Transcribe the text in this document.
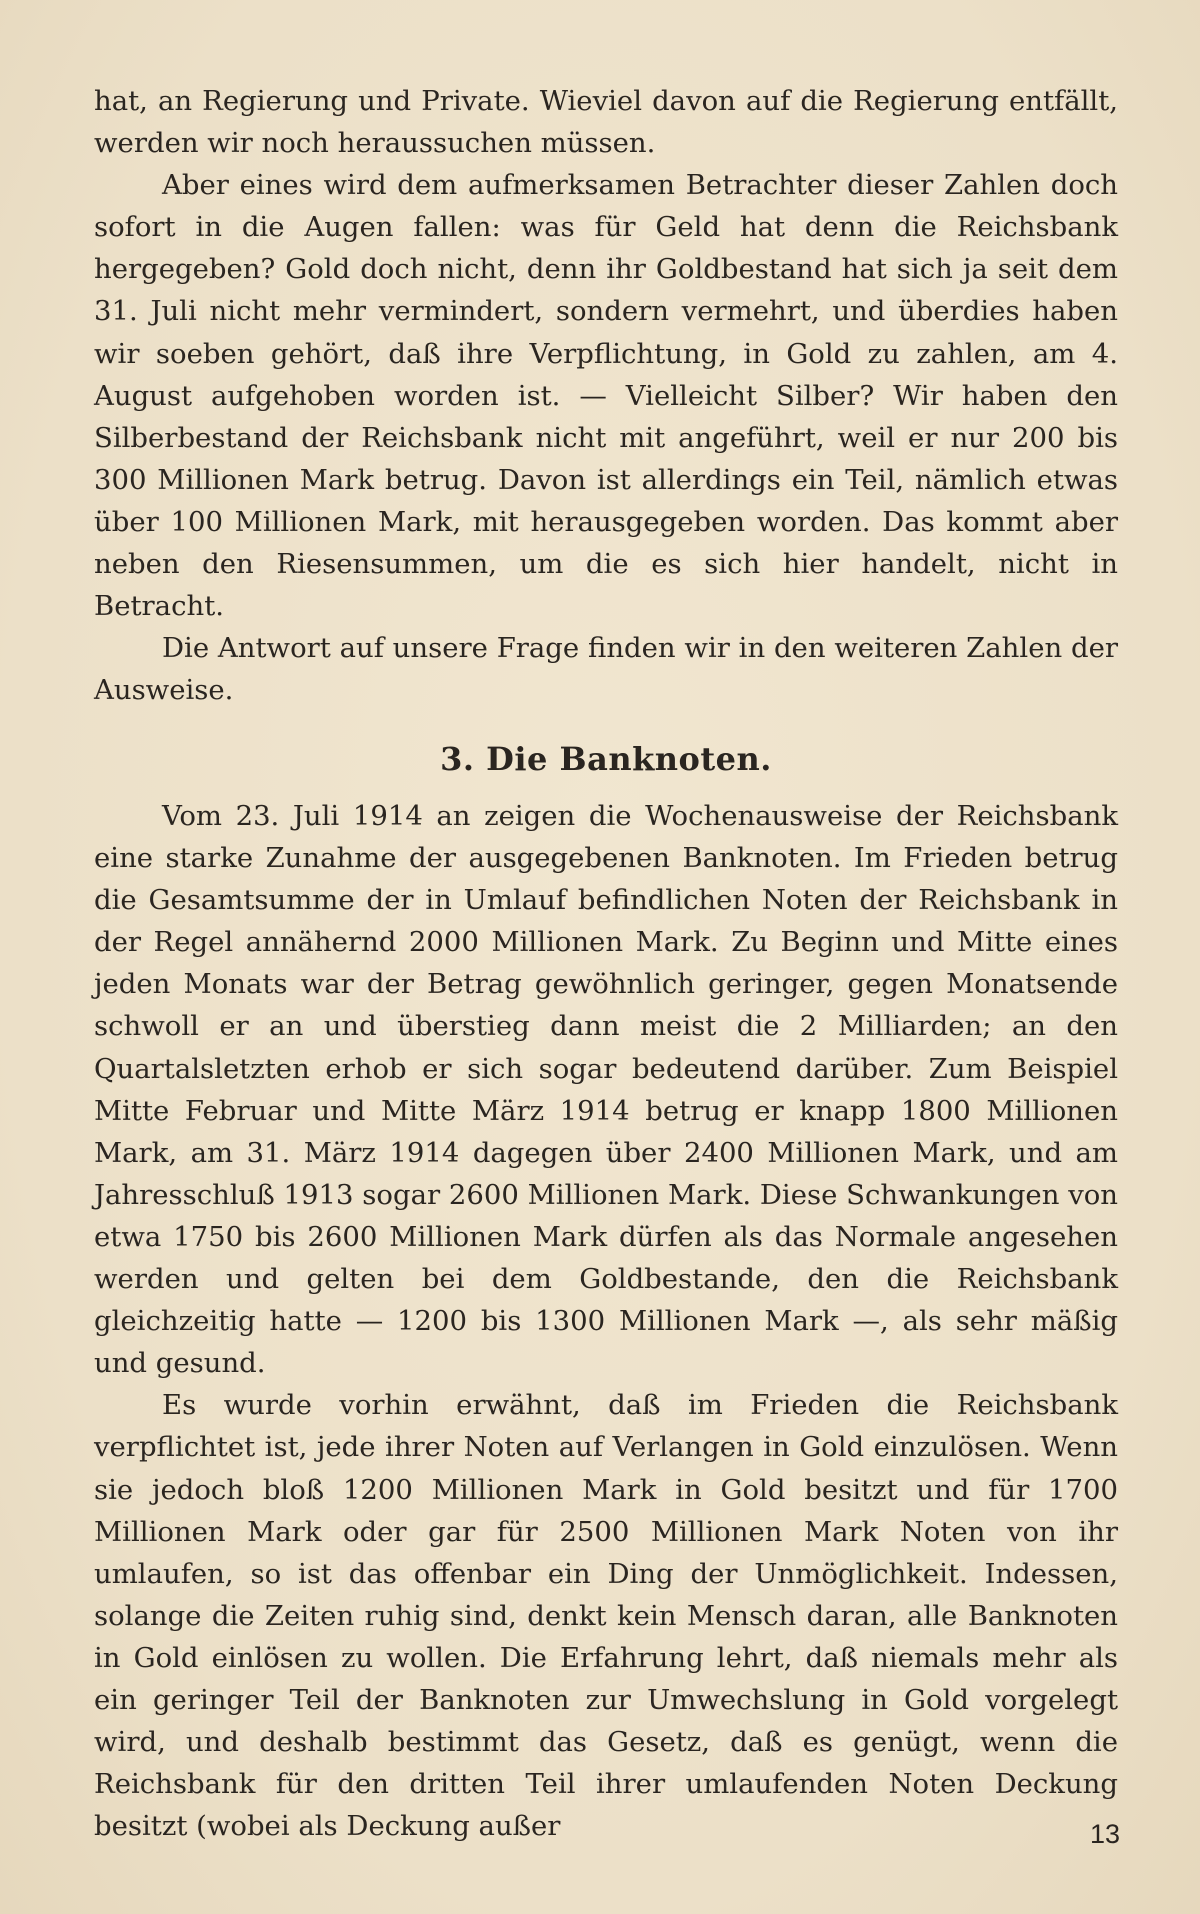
hat, an Regierung und Private. Wieviel davon auf die Regierung entfällt, werden wir noch heraussuchen müssen.

Aber eines wird dem aufmerksamen Betrachter dieser Zahlen doch sofort in die Augen fallen: was für Geld hat denn die Reichsbank hergegeben? Gold doch nicht, denn ihr Goldbestand hat sich ja seit dem 31. Juli nicht mehr vermindert, sondern vermehrt, und überdies haben wir soeben gehört, daß ihre Verpflichtung, in Gold zu zahlen, am 4. August aufgehoben worden ist. — Vielleicht Silber? Wir haben den Silberbestand der Reichsbank nicht mit angeführt, weil er nur 200 bis 300 Millionen Mark betrug. Davon ist allerdings ein Teil, nämlich etwas über 100 Millionen Mark, mit herausgegeben worden. Das kommt aber neben den Riesensummen, um die es sich hier handelt, nicht in Betracht.

Die Antwort auf unsere Frage finden wir in den weiteren Zahlen der Ausweise.

3. Die Banknoten.

Vom 23. Juli 1914 an zeigen die Wochenausweise der Reichsbank eine starke Zunahme der ausgegebenen Banknoten. Im Frieden betrug die Gesamtsumme der in Umlauf befindlichen Noten der Reichsbank in der Regel annähernd 2000 Millionen Mark. Zu Beginn und Mitte eines jeden Monats war der Betrag gewöhnlich geringer, gegen Monatsende schwoll er an und überstieg dann meist die 2 Milliarden; an den Quartalsletzten erhob er sich sogar bedeutend darüber. Zum Beispiel Mitte Februar und Mitte März 1914 betrug er knapp 1800 Millionen Mark, am 31. März 1914 dagegen über 2400 Millionen Mark, und am Jahresschluß 1913 sogar 2600 Millionen Mark. Diese Schwankungen von etwa 1750 bis 2600 Millionen Mark dürfen als das Normale angesehen werden und gelten bei dem Goldbestande, den die Reichsbank gleichzeitig hatte — 1200 bis 1300 Millionen Mark —, als sehr mäßig und gesund.

Es wurde vorhin erwähnt, daß im Frieden die Reichsbank verpflichtet ist, jede ihrer Noten auf Verlangen in Gold einzulösen. Wenn sie jedoch bloß 1200 Millionen Mark in Gold besitzt und für 1700 Millionen Mark oder gar für 2500 Millionen Mark Noten von ihr umlaufen, so ist das offenbar ein Ding der Unmöglichkeit. Indessen, solange die Zeiten ruhig sind, denkt kein Mensch daran, alle Banknoten in Gold einlösen zu wollen. Die Erfahrung lehrt, daß niemals mehr als ein geringer Teil der Banknoten zur Umwechslung in Gold vorgelegt wird, und deshalb bestimmt das Gesetz, daß es genügt, wenn die Reichsbank für den dritten Teil ihrer umlaufenden Noten Deckung besitzt (wobei als Deckung außer	13
